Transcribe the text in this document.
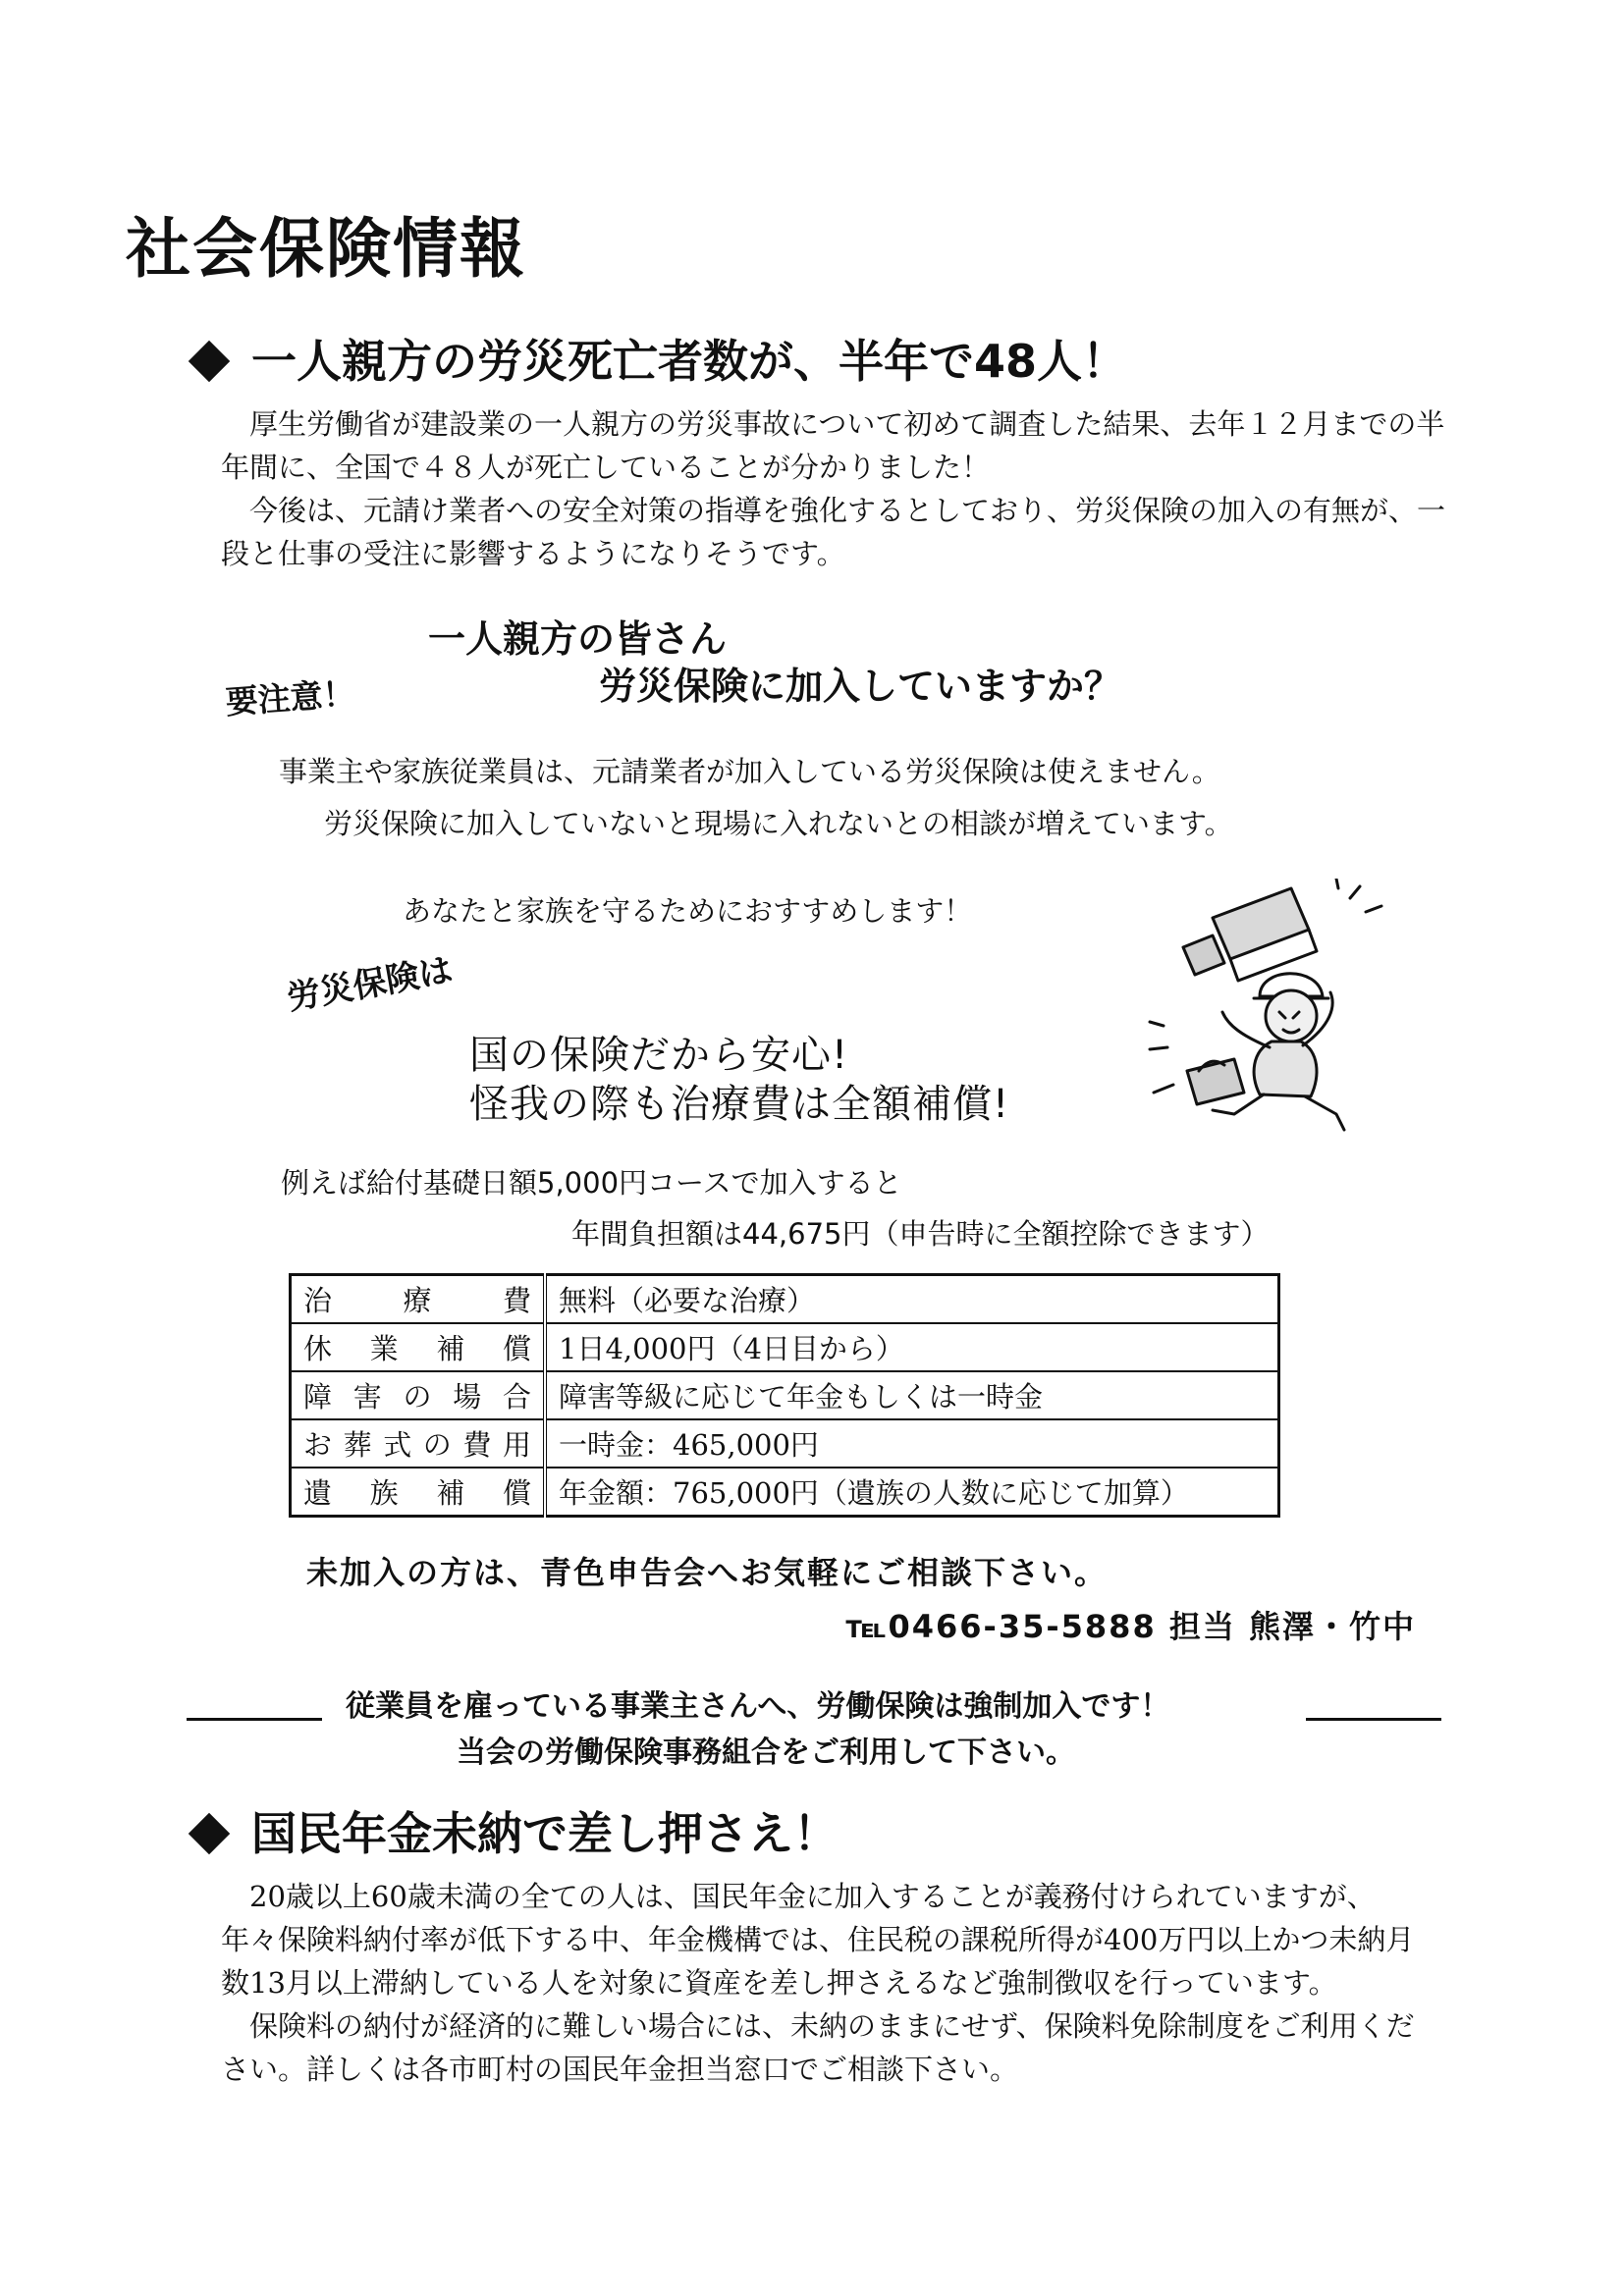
社会保険情報
一人親方の労災死亡者数が、半年で48人！
厚生労働省が建設業の一人親方の労災事故について初めて調査した結果、去年１２月までの半年間に、全国で４８人が死亡していることが分かりました！
今後は、元請け業者への安全対策の指導を強化するとしており、労災保険の加入の有無が、一段と仕事の受注に影響するようになりそうです。
一人親方の皆さん
労災保険に加入していますか？
要注意！
事業主や家族従業員は、元請業者が加入している労災保険は使えません。
労災保険に加入していないと現場に入れないとの相談が増えています。
あなたと家族を守るためにおすすめします！
労災保険は
国の保険だから安心!
怪我の際も治療費は全額補償!
例えば給付基礎日額5,000円コースで加入すると
年間負担額は44,675円（申告時に全額控除できます）
治療費	無料（必要な治療）
休業補償	1日4,000円（4日目から）
障害の場合	障害等級に応じて年金もしくは一時金
お葬式の費用	一時金：465,000円
遺族補償	年金額：765,000円（遺族の人数に応じて加算）
未加入の方は、青色申告会へお気軽にご相談下さい。
℡0466-35-5888 担当 熊澤・竹中
従業員を雇っている事業主さんへ、労働保険は強制加入です！
当会の労働保険事務組合をご利用して下さい。
国民年金未納で差し押さえ！
20歳以上60歳未満の全ての人は、国民年金に加入することが義務付けられていますが、年々保険料納付率が低下する中、年金機構では、住民税の課税所得が400万円以上かつ未納月数13月以上滞納している人を対象に資産を差し押さえるなど強制徴収を行っています。
保険料の納付が経済的に難しい場合には、未納のままにせず、保険料免除制度をご利用ください。詳しくは各市町村の国民年金担当窓口でご相談下さい。
